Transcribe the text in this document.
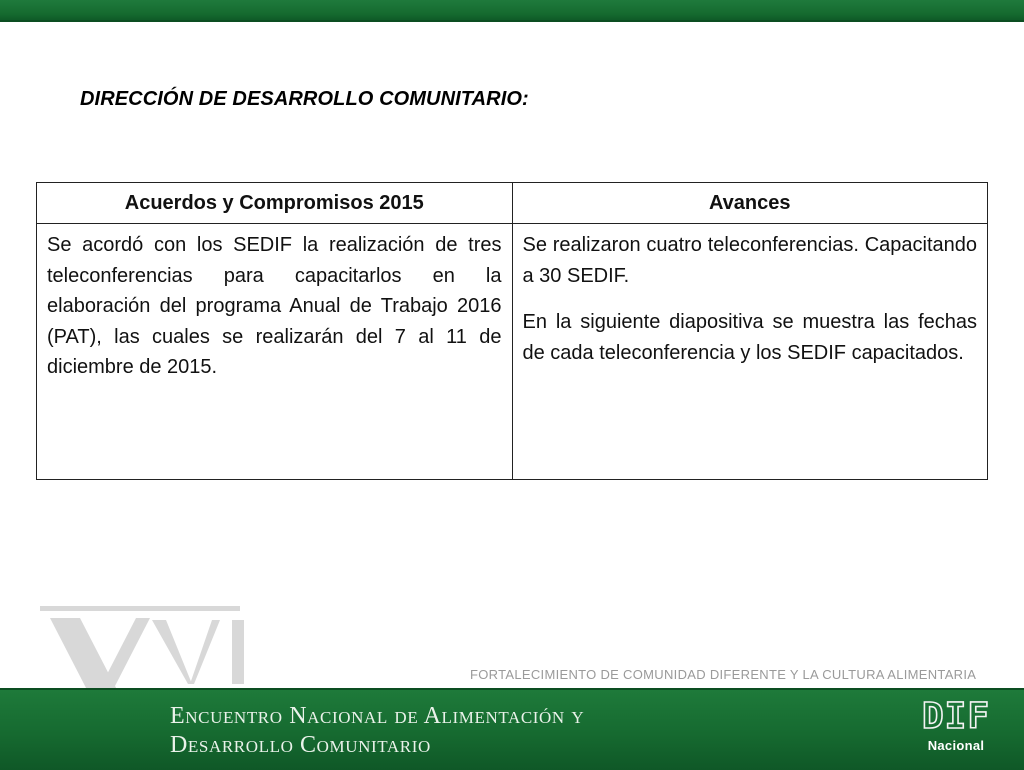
DIRECCIÓN DE DESARROLLO COMUNITARIO:
Acuerdos y Compromisos 2015	Avances

Se acordó con los SEDIF la realización de tres teleconferencias para capacitarlos en la elaboración del programa Anual de Trabajo 2016 (PAT), las cuales se realizarán del 7 al 11 de diciembre de 2015.	Se realizaron cuatro teleconferencias. Capacitando a 30 SEDIF.

En la siguiente diapositiva se muestra las fechas de cada teleconferencia y los SEDIF capacitados.

FORTALECIMIENTO DE COMUNIDAD DIFERENTE Y LA CULTURA ALIMENTARIA
Encuentro Nacional de Alimentación y
Desarrollo Comunitario
DIF
Nacional
